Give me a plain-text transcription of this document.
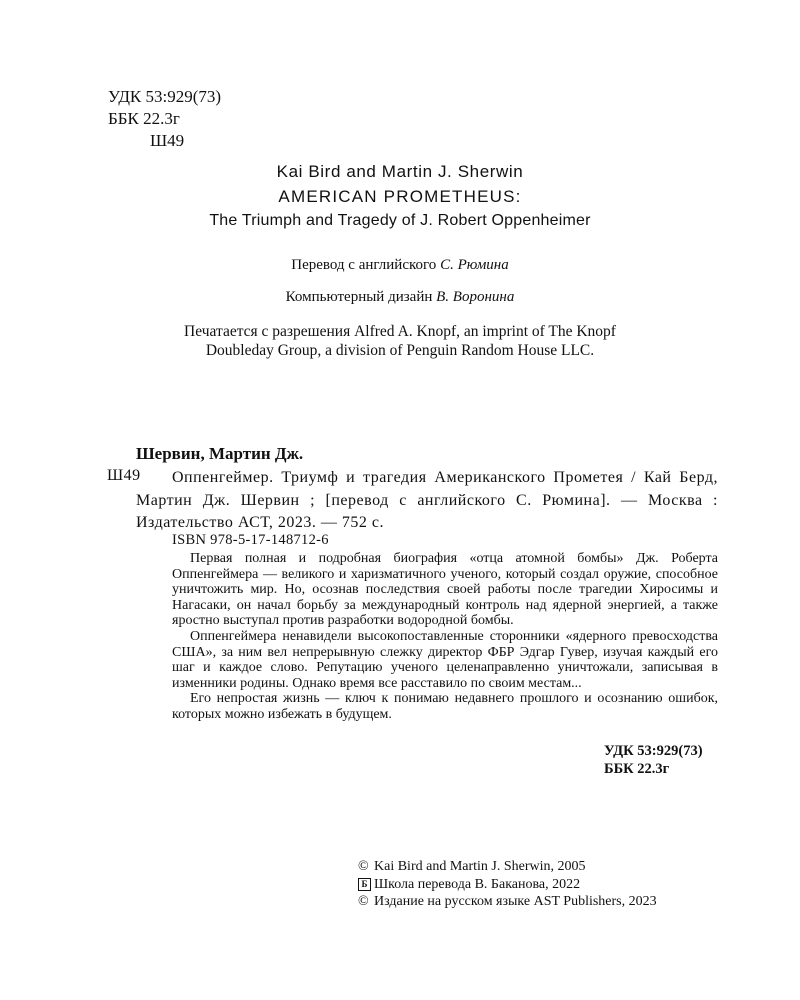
УДК 53:929(73)
ББК 22.3г
Ш49
Kai Bird and Martin J. Sherwin
AMERICAN PROMETHEUS:
The Triumph and Tragedy of J. Robert Oppenheimer
Перевод с английского С. Рюмина
Компьютерный дизайн В. Воронина
Печатается с разрешения Alfred A. Knopf, an imprint of The Knopf
Doubleday Group, a division of Penguin Random House LLC.
Шервин, Мартин Дж.
Ш49	Оппенгеймер. Триумф и трагедия Американского Прометея / Кай Берд, Мартин Дж. Шервин ; [перевод с английского С. Рюмина]. — Москва : Издательство АСТ, 2023. — 752 с.
ISBN 978-5-17-148712-6

Первая полная и подробная биография «отца атомной бомбы» Дж. Роберта Оппенгеймера — великого и харизматичного ученого, который создал оружие, способное уничтожить мир. Но, осознав последствия своей работы после трагедии Хиросимы и Нагасаки, он начал борьбу за международный контроль над ядерной энергией, а также яростно выступал против разработки водородной бомбы.

Оппенгеймера ненавидели высокопоставленные сторонники «ядерного превосходства США», за ним вел непрерывную слежку директор ФБР Эдгар Гувер, изучая каждый его шаг и каждое слово. Репутацию ученого целенаправленно уничтожали, записывая в изменники родины. Однако время все расставило по своим местам...

Его непростая жизнь — ключ к понимаю недавнего прошлого и осознанию ошибок, которых можно избежать в будущем.

УДК 53:929(73)
ББК 22.3г
© Kai Bird and Martin J. Sherwin, 2005
Б Школа перевода В. Баканова, 2022
© Издание на русском языке AST Publishers, 2023
